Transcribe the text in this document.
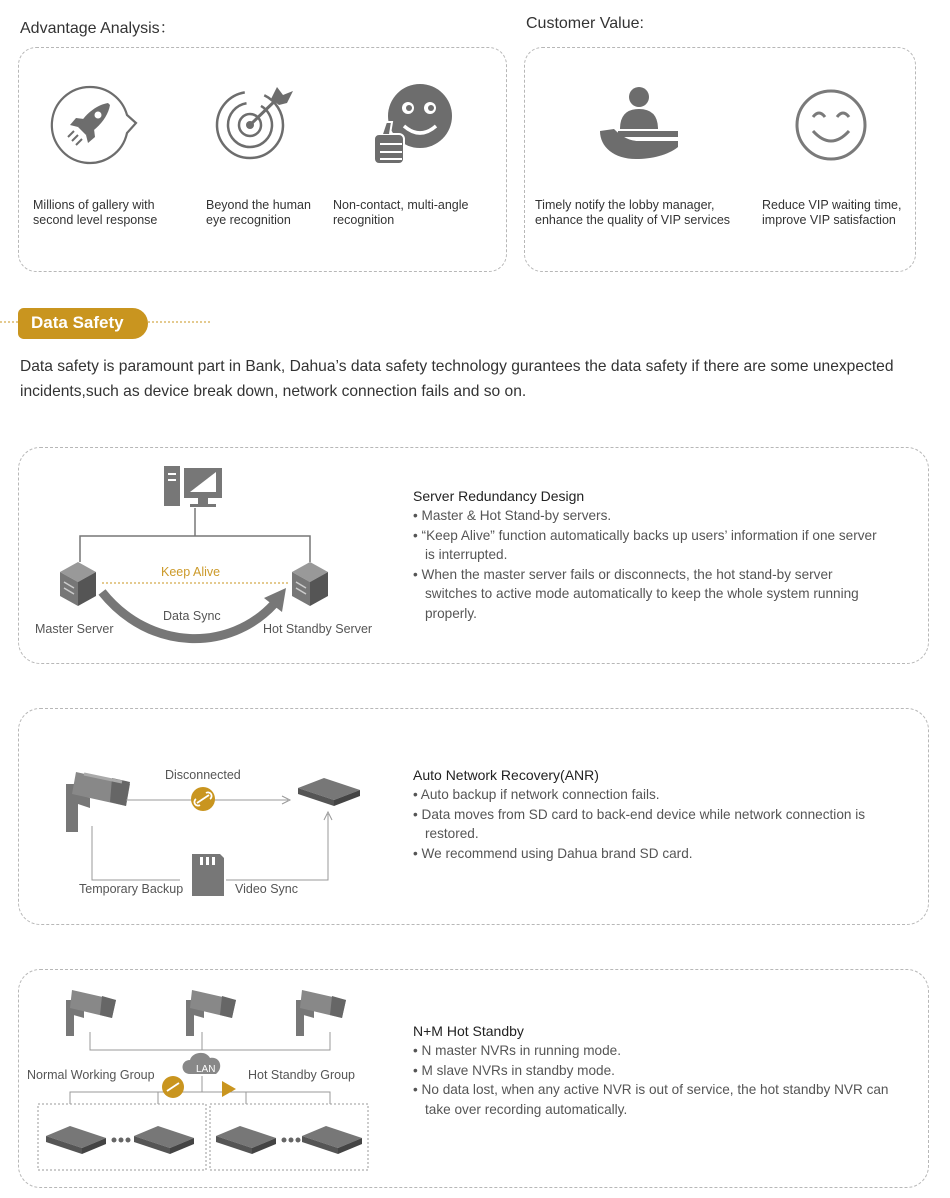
Advantage Analysis：	Customer Value:
Millions of gallery with second level response
Beyond the human eye recognition
Non-contact, multi-angle recognition
Timely notify the lobby manager, enhance the quality of VIP services
Reduce VIP waiting time, improve VIP satisfaction
Data Safety
Data safety is paramount part in Bank, Dahua’s data safety technology gurantees the data safety if there are some unexpected incidents,such as device break down, network connection fails and so on.
Keep Alive
Data Sync
Master Server	Hot Standby Server
Server Redundancy Design
• Master & Hot Stand-by servers.
• “Keep Alive” function automatically backs up users’ information if one server is interrupted.
• When the master server fails or disconnects, the hot stand-by server switches to active mode automatically to keep the whole system running properly.
Disconnected
Temporary Backup	Video Sync
Auto Network Recovery(ANR)
• Auto backup if network connection fails.
• Data moves from SD card to back-end device while network connection is restored.
• We recommend using Dahua brand SD card.
Normal Working Group	LAN	Hot Standby Group
N+M Hot Standby
• N master NVRs in running mode.
• M slave NVRs in standby mode.
• No data lost, when any active NVR is out of service, the hot standby NVR can take over recording automatically.
